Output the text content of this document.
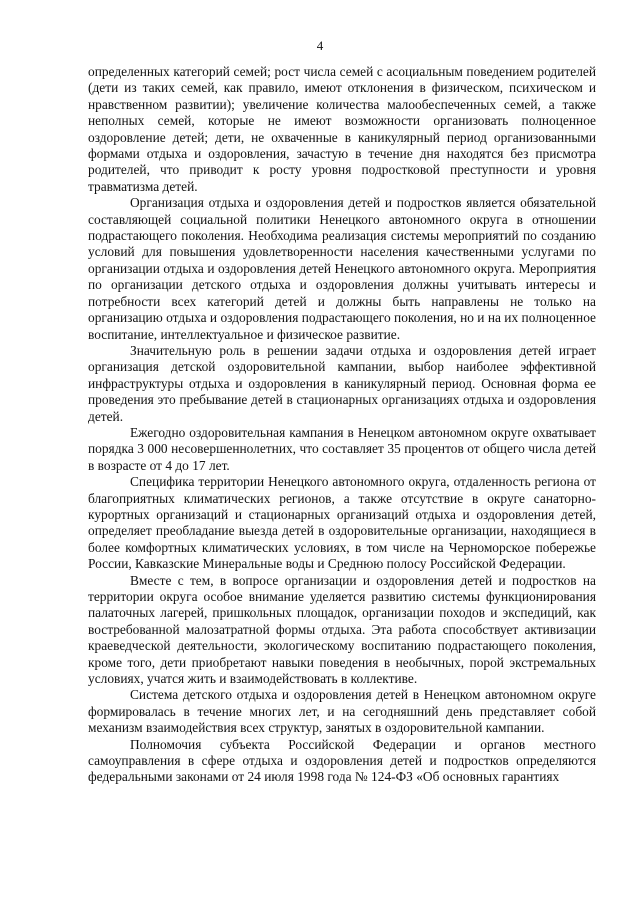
4

определенных категорий семей; рост числа семей с асоциальным поведением родителей (дети из таких семей, как правило, имеют отклонения в физическом, психическом и нравственном развитии); увеличение количества малообеспеченных семей, а также неполных семей, которые не имеют возможности организовать полноценное оздоровление детей; дети, не охваченные в каникулярный период организованными формами отдыха и оздоровления, зачастую в течение дня находятся без присмотра родителей, что приводит к росту уровня подростковой преступности и уровня травматизма детей.

Организация отдыха и оздоровления детей и подростков является обязательной составляющей социальной политики Ненецкого автономного округа в отношении подрастающего поколения. Необходима реализация системы мероприятий по созданию условий для повышения удовлетворенности населения качественными услугами по организации отдыха и оздоровления детей Ненецкого автономного округа. Мероприятия по организации детского отдыха и оздоровления должны учитывать интересы и потребности всех категорий детей и должны быть направлены не только на организацию отдыха и оздоровления подрастающего поколения, но и на их полноценное воспитание, интеллектуальное и физическое развитие.

Значительную роль в решении задачи отдыха и оздоровления детей играет организация детской оздоровительной кампании, выбор наиболее эффективной инфраструктуры отдыха и оздоровления в каникулярный период. Основная форма ее проведения это пребывание детей в стационарных организациях отдыха и оздоровления детей.

Ежегодно оздоровительная кампания в Ненецком автономном округе охватывает порядка 3 000 несовершеннолетних, что составляет 35 процентов от общего числа детей в возрасте от 4 до 17 лет.

Специфика территории Ненецкого автономного округа, отдаленность региона от благоприятных климатических регионов, а также отсутствие в округе санаторно-курортных организаций и стационарных организаций отдыха и оздоровления детей, определяет преобладание выезда детей в оздоровительные организации, находящиеся в более комфортных климатических условиях, в том числе на Черноморское побережье России, Кавказские Минеральные воды и Среднюю полосу Российской Федерации.

Вместе с тем, в вопросе организации и оздоровления детей и подростков на территории округа особое внимание уделяется развитию системы функционирования палаточных лагерей, пришкольных площадок, организации походов и экспедиций, как востребованной малозатратной формы отдыха. Эта работа способствует активизации краеведческой деятельности, экологическому воспитанию подрастающего поколения, кроме того, дети приобретают навыки поведения в необычных, порой экстремальных условиях, учатся жить и взаимодействовать в коллективе.

Система детского отдыха и оздоровления детей в Ненецком автономном округе формировалась в течение многих лет, и на сегодняшний день представляет собой механизм взаимодействия всех структур, занятых в оздоровительной кампании.

Полномочия субъекта Российской Федерации и органов местного самоуправления в сфере отдыха и оздоровления детей и подростков определяются федеральными законами от 24 июля 1998 года № 124-ФЗ «Об основных гарантиях
